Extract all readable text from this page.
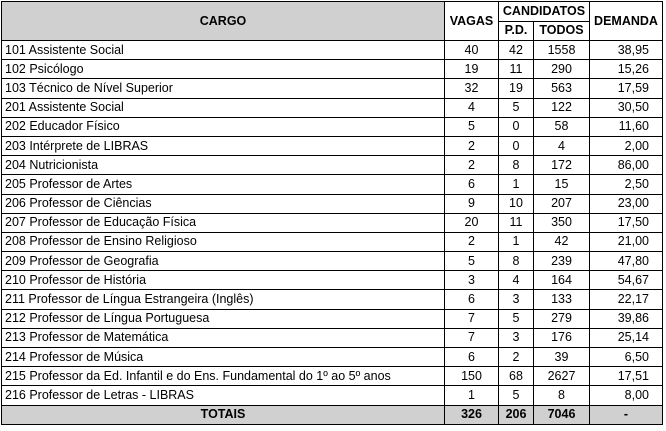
CARGO	VAGAS	CANDIDATOS		DEMANDA
		P.D.	TODOS	
101 Assistente Social	40	42	1558	38,95
102 Psicólogo	19	11	290	15,26
103 Técnico de Nível Superior	32	19	563	17,59
201 Assistente Social	4	5	122	30,50
202 Educador Físico	5	0	58	11,60
203 Intérprete de LIBRAS	2	0	4	2,00
204 Nutricionista	2	8	172	86,00
205 Professor de Artes	6	1	15	2,50
206 Professor de Ciências	9	10	207	23,00
207 Professor de Educação Física	20	11	350	17,50
208 Professor de Ensino Religioso	2	1	42	21,00
209 Professor de Geografia	5	8	239	47,80
210 Professor de História	3	4	164	54,67
211 Professor de Língua Estrangeira (Inglês)	6	3	133	22,17
212 Professor de Língua Portuguesa	7	5	279	39,86
213 Professor de Matemática	7	3	176	25,14
214 Professor de Música	6	2	39	6,50
215 Professor da Ed. Infantil e do Ens. Fundamental do 1º ao 5º anos	150	68	2627	17,51
216 Professor de Letras - LIBRAS	1	5	8	8,00
TOTAIS	326	206	7046	-
